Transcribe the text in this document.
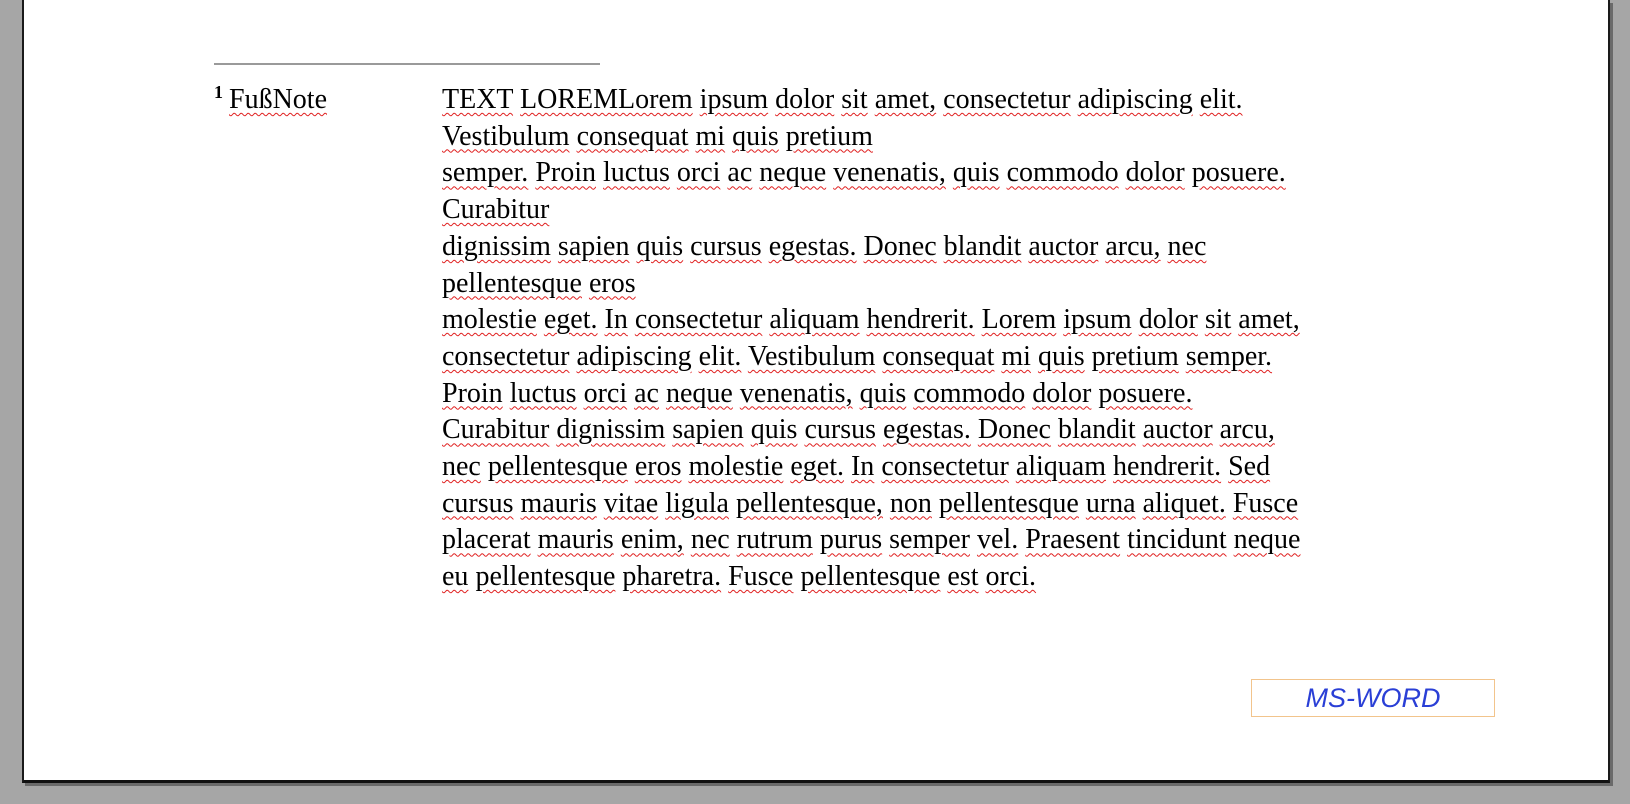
$^1$ FußNote	TEXT LOREMLorem ipsum dolor sit amet, consectetur adipiscing elit.
Vestibulum consequat mi quis pretium
semper. Proin luctus orci ac neque venenatis, quis commodo dolor posuere.
Curabitur
dignissim sapien quis cursus egestas. Donec blandit auctor arcu, nec
pellentesque eros
molestie eget. In consectetur aliquam hendrerit. Lorem ipsum dolor sit amet,
consectetur adipiscing elit. Vestibulum consequat mi quis pretium semper.
Proin luctus orci ac neque venenatis, quis commodo dolor posuere.
Curabitur dignissim sapien quis cursus egestas. Donec blandit auctor arcu,
nec pellentesque eros molestie eget. In consectetur aliquam hendrerit. Sed
cursus mauris vitae ligula pellentesque, non pellentesque urna aliquet. Fusce
placerat mauris enim, nec rutrum purus semper vel. Praesent tincidunt neque
eu pellentesque pharetra. Fusce pellentesque est orci.
MS-WORD
